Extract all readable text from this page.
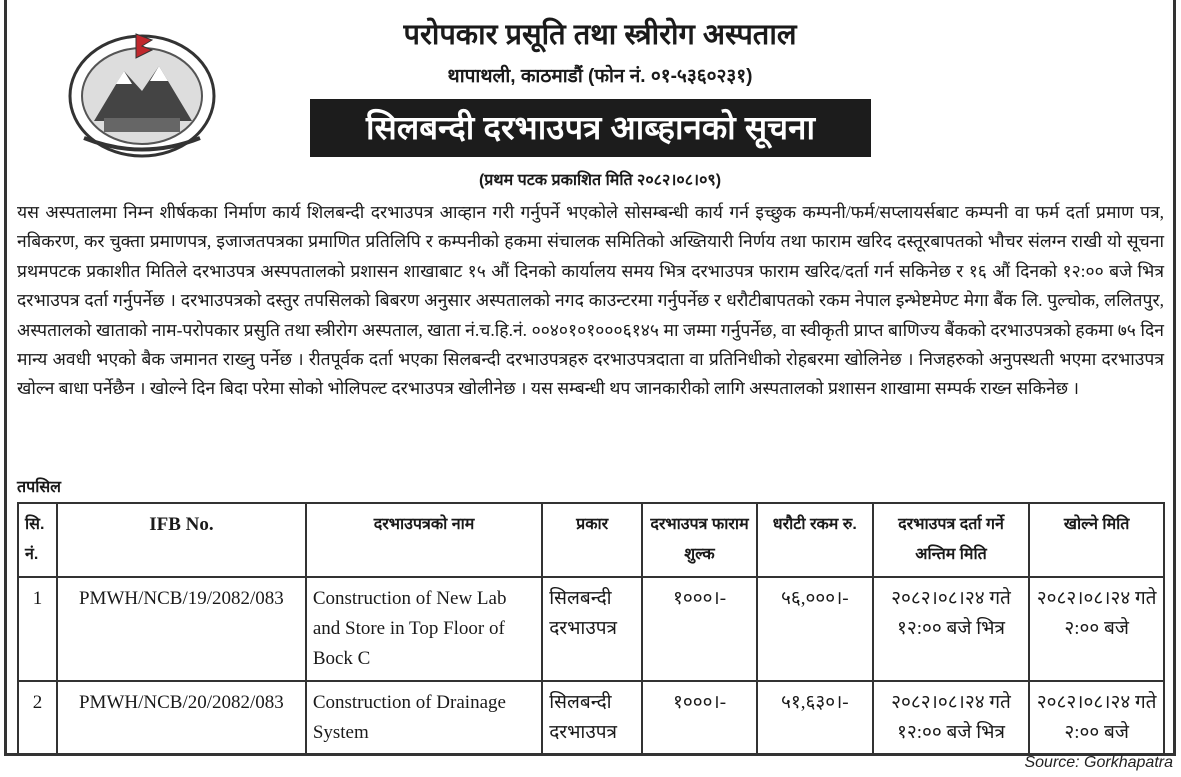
परोपकार प्रसूति तथा स्त्रीरोग अस्पताल
थापाथली, काठमाडौं (फोन नं. ०१-५३६०२३१)
सिलबन्दी दरभाउपत्र आब्हानको सूचना
(प्रथम पटक प्रकाशित मिति २०८२।०८।०९)
यस अस्पतालमा निम्न शीर्षकका निर्माण कार्य शिलबन्दी दरभाउपत्र आव्हान गरी गर्नुपर्ने भएकोले सोसम्बन्धी कार्य गर्न इच्छुक कम्पनी/फर्म/सप्लायर्सबाट कम्पनी वा फर्म दर्ता प्रमाण पत्र, नबिकरण, कर चुक्ता प्रमाणपत्र, इजाजतपत्रका प्रमाणित प्रतिलिपि र कम्पनीको हकमा संचालक समितिको अख्तियारी निर्णय तथा फाराम खरिद दस्तूरबापतको भौचर संलग्न राखी यो सूचना प्रथमपटक प्रकाशीत मितिले दरभाउपत्र अस्पपतालको प्रशासन शाखाबाट १५ औं दिनको कार्यालय समय भित्र दरभाउपत्र फाराम खरिद/दर्ता गर्न सकिनेछ र १६ औं दिनको १२:०० बजे भित्र दरभाउपत्र दर्ता गर्नुपर्नेछ । दरभाउपत्रको दस्तुर तपसिलको बिबरण अनुसार अस्पतालको नगद काउन्टरमा गर्नुपर्नेछ र धरौटीबापतको रकम नेपाल इन्भेष्टमेण्ट मेगा बैंक लि. पुल्चोक, ललितपुर, अस्पतालको खाताको नाम-परोपकार प्रसुति तथा स्त्रीरोग अस्पताल, खाता नं.च.हि.नं. ००४०१०१०००६१४५ मा जम्मा गर्नुपर्नेछ, वा स्वीकृती प्राप्त बाणिज्य बैंकको दरभाउपत्रको हकमा ७५ दिन मान्य अवधी भएको बैक जमानत राख्नु पर्नेछ । रीतपूर्वक दर्ता भएका सिलबन्दी दरभाउपत्रहरु दरभाउपत्रदाता वा प्रतिनिधीको रोहबरमा खोलिनेछ । निजहरुको अनुपस्थती भएमा दरभाउपत्र खोल्न बाधा पर्नेछैन । खोल्ने दिन बिदा परेमा सोको भोलिपल्ट दरभाउपत्र खोलीनेछ । यस सम्बन्धी थप जानकारीको लागि अस्पतालको प्रशासन शाखामा सम्पर्क राख्न सकिनेछ ।
तपसिल
सि. नं.	IFB No.	दरभाउपत्रको नाम	प्रकार	दरभाउपत्र फाराम शुल्क	धरौटी रकम रु.	दरभाउपत्र दर्ता गर्ने अन्तिम मिति	खोल्ने मिति
1	PMWH/NCB/19/2082/083	Construction of New Lab and Store in Top Floor of Bock C	सिलबन्दी दरभाउपत्र	१०००।-	५६,०००।-	२०८२।०८।२४ गते १२:०० बजे भित्र	२०८२।०८।२४ गते २:०० बजे
2	PMWH/NCB/20/2082/083	Construction of Drainage System	सिलबन्दी दरभाउपत्र	१०००।-	५१,६३०।-	२०८२।०८।२४ गते १२:०० बजे भित्र	२०८२।०८।२४ गते २:०० बजे
Source: Gorkhapatra
